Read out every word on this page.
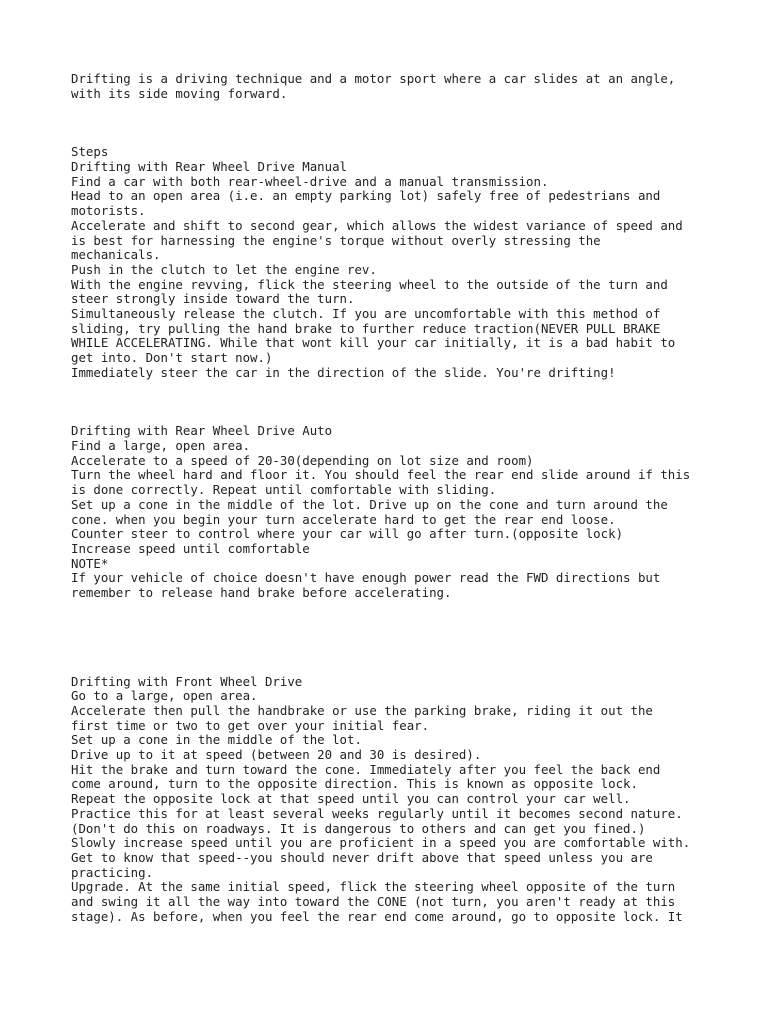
Drifting is a driving technique and a motor sport where a car slides at an angle,
with its side moving forward.
Steps
Drifting with Rear Wheel Drive Manual
Find a car with both rear-wheel-drive and a manual transmission.
Head to an open area (i.e. an empty parking lot) safely free of pedestrians and
motorists.
Accelerate and shift to second gear, which allows the widest variance of speed and
is best for harnessing the engine's torque without overly stressing the
mechanicals.
Push in the clutch to let the engine rev.
With the engine revving, flick the steering wheel to the outside of the turn and
steer strongly inside toward the turn.
Simultaneously release the clutch. If you are uncomfortable with this method of
sliding, try pulling the hand brake to further reduce traction(NEVER PULL BRAKE
WHILE ACCELERATING. While that wont kill your car initially, it is a bad habit to
get into. Don't start now.)
Immediately steer the car in the direction of the slide. You're drifting!
Drifting with Rear Wheel Drive Auto
Find a large, open area.
Accelerate to a speed of 20-30(depending on lot size and room)
Turn the wheel hard and floor it. You should feel the rear end slide around if this
is done correctly. Repeat until comfortable with sliding.
Set up a cone in the middle of the lot. Drive up on the cone and turn around the
cone. when you begin your turn accelerate hard to get the rear end loose.
Counter steer to control where your car will go after turn.(opposite lock)
Increase speed until comfortable
NOTE*
If your vehicle of choice doesn't have enough power read the FWD directions but
remember to release hand brake before accelerating.
Drifting with Front Wheel Drive
Go to a large, open area.
Accelerate then pull the handbrake or use the parking brake, riding it out the
first time or two to get over your initial fear.
Set up a cone in the middle of the lot.
Drive up to it at speed (between 20 and 30 is desired).
Hit the brake and turn toward the cone. Immediately after you feel the back end
come around, turn to the opposite direction. This is known as opposite lock.
Repeat the opposite lock at that speed until you can control your car well.
Practice this for at least several weeks regularly until it becomes second nature.
(Don't do this on roadways. It is dangerous to others and can get you fined.)
Slowly increase speed until you are proficient in a speed you are comfortable with.
Get to know that speed--you should never drift above that speed unless you are
practicing.
Upgrade. At the same initial speed, flick the steering wheel opposite of the turn
and swing it all the way into toward the CONE (not turn, you aren't ready at this
stage). As before, when you feel the rear end come around, go to opposite lock. It
